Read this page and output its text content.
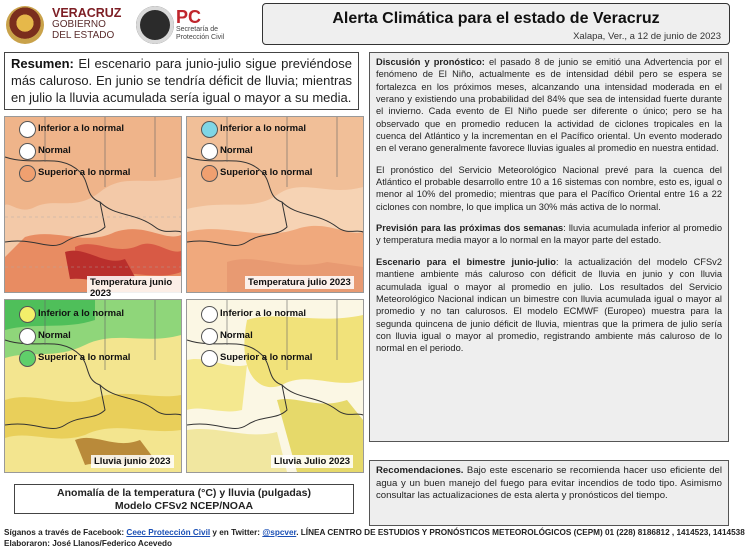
VERACRUZ
GOBIERNO
DEL ESTADO
PC
Secretaría de
Protección Civil
Alerta Climática para el estado de Veracruz
Xalapa, Ver., a 12 de junio de 2023
Resumen: El escenario para junio-julio sigue previéndose más caluroso. En junio se tendría déficit de lluvia; mientras en julio la lluvia acumulada sería igual o mayor a su media.
Inferior a lo normal
Normal
Superior a lo normal
Temperatura junio 2023
Inferior a lo normal
Normal
Superior a lo normal
Temperatura julio 2023
Inferior a lo normal
Normal
Superior a lo normal
Lluvia junio 2023
Inferior a lo normal
Normal
Superior a lo normal
Lluvia Julio 2023
Anomalía de la temperatura (°C) y lluvia (pulgadas)
Modelo CFSv2 NCEP/NOAA

Discusión y pronóstico: el pasado 8 de junio se emitió una Advertencia por el fenómeno de El Niño, actualmente es de intensidad débil pero se espera se fortalezca en los próximos meses, alcanzando una intensidad moderada en el verano y existiendo una probabilidad del 84% que sea de intensidad fuerte durante el invierno. Cada evento de El Niño puede ser diferente o único; pero se ha observado que en promedio reducen la actividad de ciclones tropicales en la cuenca del Atlántico y la incrementan en el Pacífico oriental. Un evento moderado en el verano generalmente favorece lluvias iguales al promedio en nuestra entidad.

El pronóstico del Servicio Meteorológico Nacional prevé para la cuenca del Atlántico el probable desarrollo entre 10 a 16 sistemas con nombre, esto es, igual o menor al 10% del promedio; mientras que para el Pacífico Oriental entre 16 a 22 ciclones con nombre, lo que implica un 30% más activa de lo normal.

Previsión para las próximas dos semanas: lluvia acumulada inferior al promedio y temperatura media mayor a lo normal en la mayor parte del estado.

Escenario para el bimestre junio-julio: la actualización del modelo CFSv2 mantiene ambiente más caluroso con déficit de lluvia en junio y con lluvia acumulada igual o mayor al promedio en julio. Los resultados del Servicio Meteorológico Nacional indican un bimestre con lluvia acumulada igual o mayor al promedio y no tan calurosos. El modelo ECMWF (Europeo) muestra para la segunda quincena de junio déficit de lluvia, mientras que la primera de julio sería con lluvia igual o mayor al promedio, registrando ambiente más caluroso de lo normal en el periodo.

Recomendaciones. Bajo este escenario se recomienda hacer uso eficiente del agua y un buen manejo del fuego para evitar incendios de todo tipo. Asimismo consultar las actualizaciones de esta alerta y pronósticos del tiempo.
Síganos a través de Facebook: Ceec Protección Civil y en Twitter: @spcver. LÍNEA CENTRO DE ESTUDIOS Y PRONÓSTICOS METEOROLÓGICOS (CEPM) 01 (228) 8186812 , 1414523, 1414538
Elaboraron: José Llanos/Federico Acevedo
